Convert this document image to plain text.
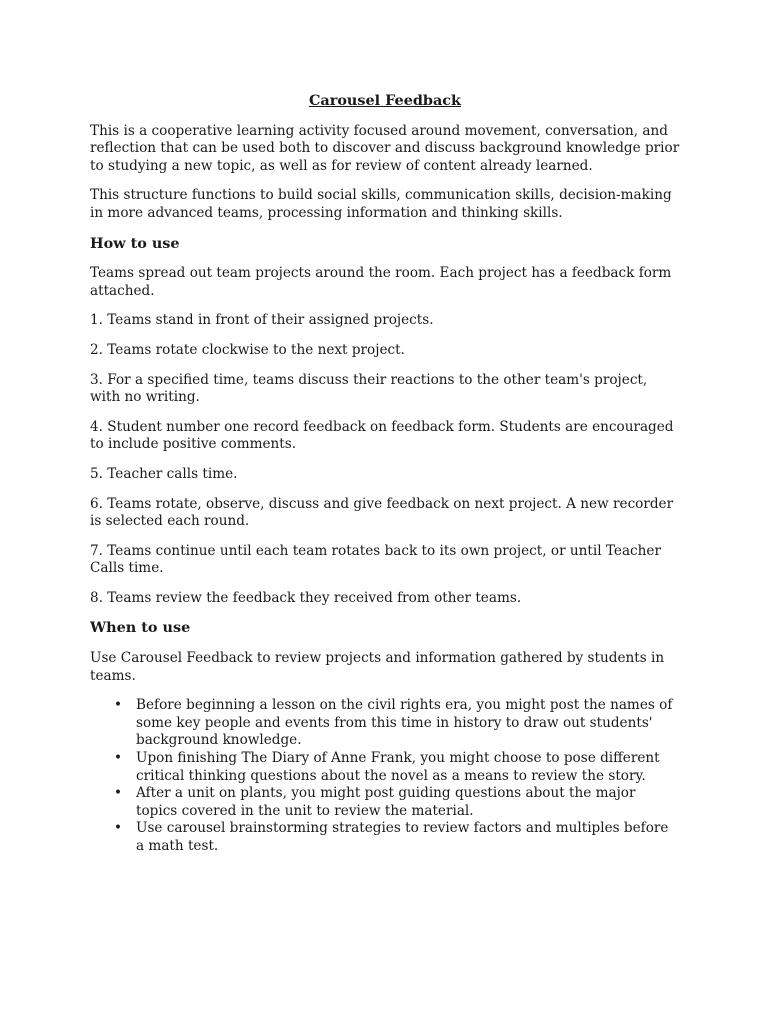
Carousel Feedback

This is a cooperative learning activity focused around movement, conversation, and reflection that can be used both to discover and discuss background knowledge prior to studying a new topic, as well as for review of content already learned.

This structure functions to build social skills, communication skills, decision-making in more advanced teams, processing information and thinking skills.

How to use

Teams spread out team projects around the room. Each project has a feedback form attached.

1. Teams stand in front of their assigned projects.

2. Teams rotate clockwise to the next project.

3. For a specified time, teams discuss their reactions to the other team's project, with no writing.

4. Student number one record feedback on feedback form. Students are encouraged to include positive comments.

5. Teacher calls time.

6. Teams rotate, observe, discuss and give feedback on next project. A new recorder is selected each round.

7. Teams continue until each team rotates back to its own project, or until Teacher Calls time.

8. Teams review the feedback they received from other teams.

When to use

Use Carousel Feedback to review projects and information gathered by students in teams.

• Before beginning a lesson on the civil rights era, you might post the names of some key people and events from this time in history to draw out students' background knowledge.
• Upon finishing The Diary of Anne Frank, you might choose to pose different critical thinking questions about the novel as a means to review the story.
• After a unit on plants, you might post guiding questions about the major topics covered in the unit to review the material.
• Use carousel brainstorming strategies to review factors and multiples before a math test.
